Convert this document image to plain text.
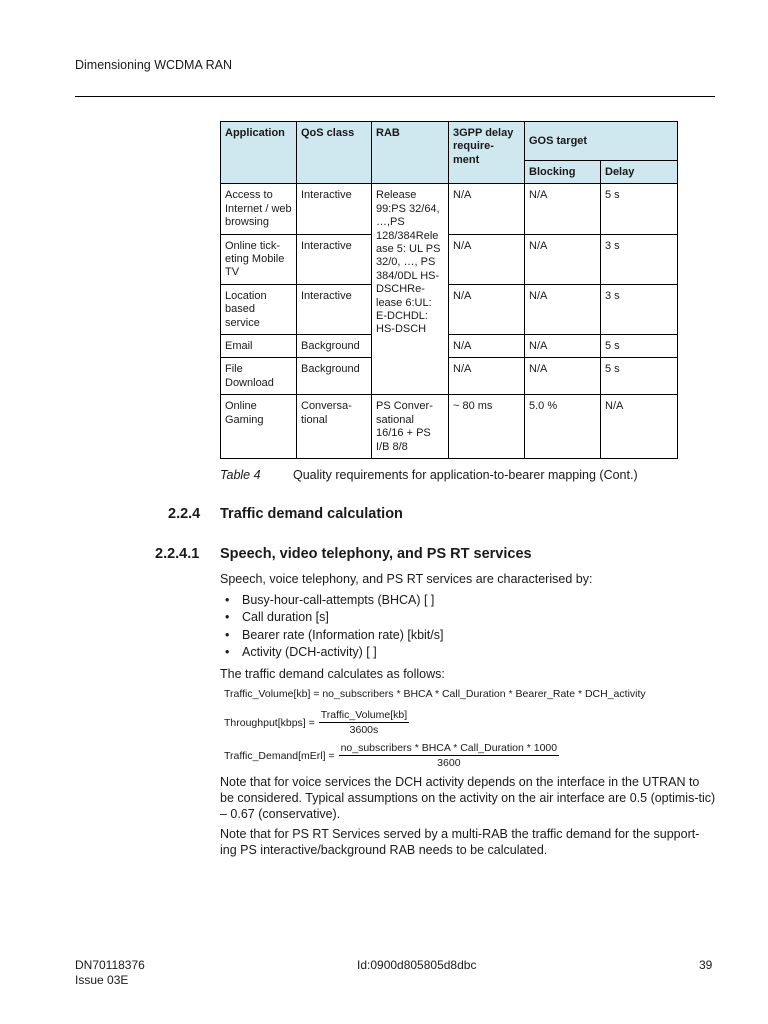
Dimensioning WCDMA RAN
Application	QoS class	RAB	3GPP delay require-ment	GOS target	
				Blocking	Delay
Access to Internet / web browsing	Interactive	Release 99:PS 32/64, …,PS 128/384Rele ase 5: UL PS 32/0, …, PS 384/0DL HS-DSCHRe-lease 6:UL: E-DCHDL: HS-DSCH	N/A	N/A	5 s
Online tick-eting Mobile TV	Interactive		N/A	N/A	3 s
Location based service	Interactive		N/A	N/A	3 s
Email	Background		N/A	N/A	5 s
File Download	Background		N/A	N/A	5 s
Online Gaming	Conversa-tional	PS Conver-sational 16/16 + PS I/B 8/8	~ 80 ms	5.0 %	N/A
Table 4	Quality requirements for application-to-bearer mapping (Cont.)
2.2.4 Traffic demand calculation
2.2.4.1 Speech, video telephony, and PS RT services
Speech, voice telephony, and PS RT services are characterised by:
•	Busy-hour-call-attempts (BHCA) [ ]
•	Call duration [s]
•	Bearer rate (Information rate) [kbit/s]
•	Activity (DCH-activity) [ ]
The traffic demand calculates as follows:
Traffic_Volume[kb] = no_subscribers * BHCA * Call_Duration * Bearer_Rate * DCH_activity
Throughput[kbps] = $\frac{\text{Traffic\_Volume[kb]}}{3600s}$
Traffic_Demand[mErl] = $\frac{\text{no\_subscribers * BHCA * Call\_Duration * 1000}}{3600}$
Note that for voice services the DCH activity depends on the interface in the UTRAN to be considered. Typical assumptions on the activity on the air interface are 0.5 (optimis-tic) – 0.67 (conservative).
Note that for PS RT Services served by a multi-RAB the traffic demand for the support-ing PS interactive/background RAB needs to be calculated.
DN70118376
Issue 03E
Id:0900d805805d8dbc	39
